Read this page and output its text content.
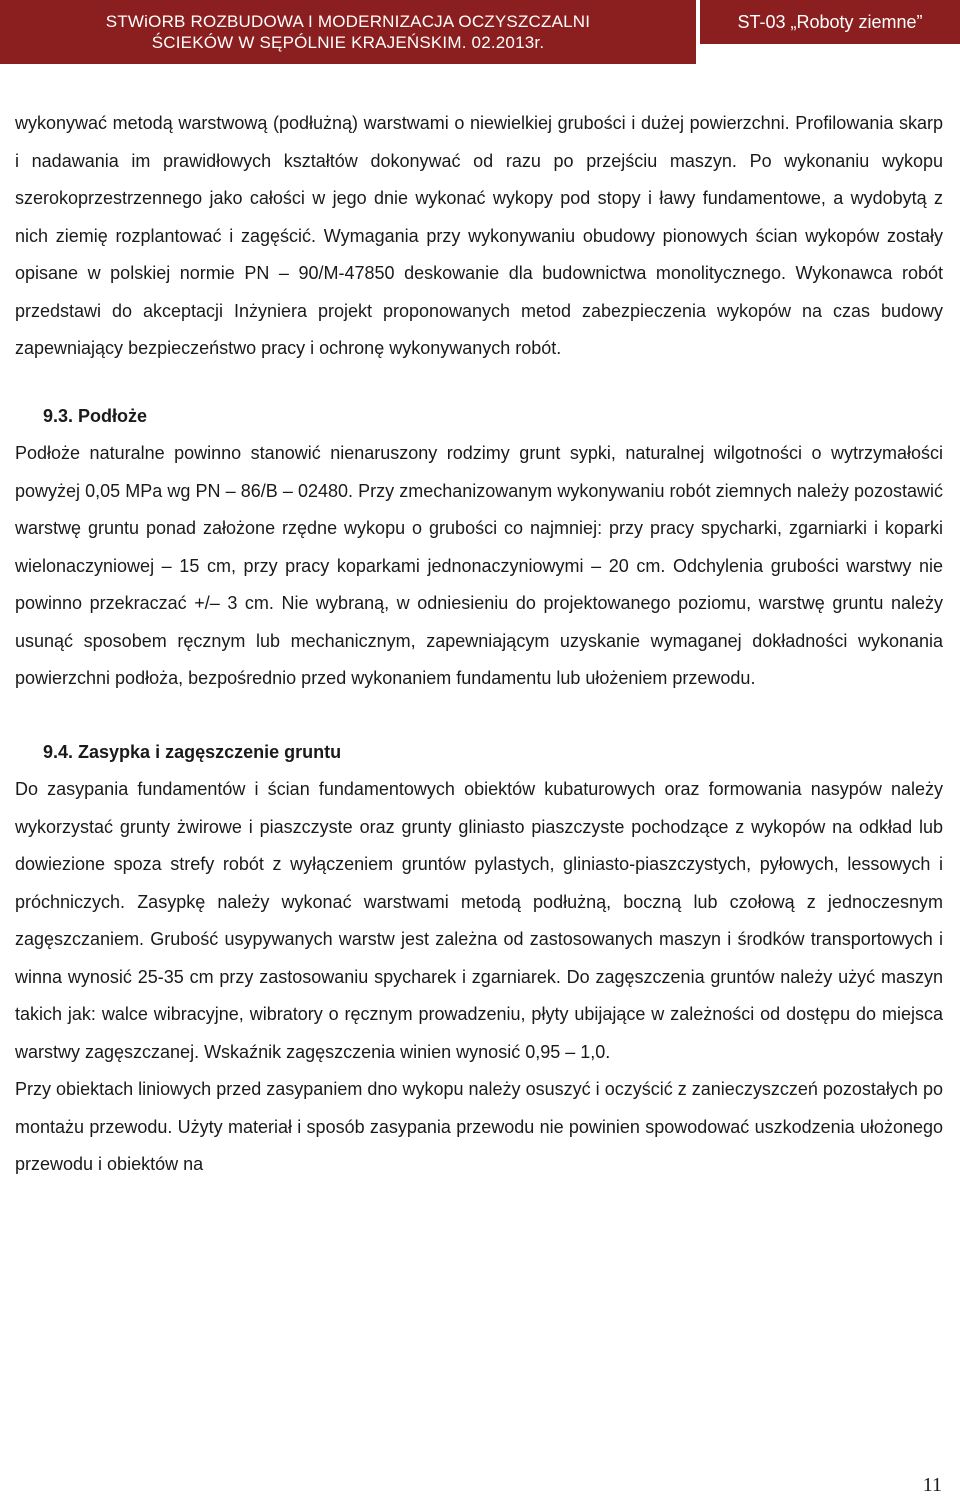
STWiORB ROZBUDOWA I MODERNIZACJA OCZYSZCZALNI
ŚCIEKÓW W SĘPÓLNIE KRAJEŃSKIM. 02.2013r.
ST-03 „Roboty ziemne”

wykonywać metodą warstwową (podłużną) warstwami o niewielkiej grubości i dużej powierzchni. Profilowania skarp i nadawania im prawidłowych kształtów dokonywać od razu po przejściu maszyn. Po wykonaniu wykopu szerokoprzestrzennego jako całości w jego dnie wykonać wykopy pod stopy i ławy fundamentowe, a wydobytą z nich ziemię rozplantować i zagęścić. Wymagania przy wykonywaniu obudowy pionowych ścian wykopów zostały opisane w polskiej normie PN – 90/M-47850 deskowanie dla budownictwa monolitycznego. Wykonawca robót przedstawi do akceptacji Inżyniera projekt proponowanych metod zabezpieczenia wykopów na czas budowy zapewniający bezpieczeństwo pracy i ochronę wykonywanych robót.

9.3. Podłoże

Podłoże naturalne powinno stanowić nienaruszony rodzimy grunt sypki, naturalnej wilgotności o wytrzymałości powyżej 0,05 MPa wg PN – 86/B – 02480. Przy zmechanizowanym wykonywaniu robót ziemnych należy pozostawić warstwę gruntu ponad założone rzędne wykopu o grubości co najmniej: przy pracy spycharki, zgarniarki i koparki wielonaczyniowej – 15 cm, przy pracy koparkami jednonaczyniowymi – 20 cm. Odchylenia grubości warstwy nie powinno przekraczać +/– 3 cm. Nie wybraną, w odniesieniu do projektowanego poziomu, warstwę gruntu należy usunąć sposobem ręcznym lub mechanicznym, zapewniającym uzyskanie wymaganej dokładności wykonania powierzchni podłoża, bezpośrednio przed wykonaniem fundamentu lub ułożeniem przewodu.

9.4. Zasypka i zagęszczenie gruntu

Do zasypania fundamentów i ścian fundamentowych obiektów kubaturowych oraz formowania nasypów należy wykorzystać grunty żwirowe i piaszczyste oraz grunty gliniasto piaszczyste pochodzące z wykopów na odkład lub dowiezione spoza strefy robót z wyłączeniem gruntów pylastych, gliniasto-piaszczystych, pyłowych, lessowych i próchniczych. Zasypkę należy wykonać warstwami metodą podłużną, boczną lub czołową z jednoczesnym zagęszczaniem. Grubość usypywanych warstw jest zależna od zastosowanych maszyn i środków transportowych i winna wynosić 25-35 cm przy zastosowaniu spycharek i zgarniarek. Do zagęszczenia gruntów należy użyć maszyn takich jak: walce wibracyjne, wibratory o ręcznym prowadzeniu, płyty ubijające w zależności od dostępu do miejsca warstwy zagęszczanej. Wskaźnik zagęszczenia winien wynosić 0,95 – 1,0.

Przy obiektach liniowych przed zasypaniem dno wykopu należy osuszyć i oczyścić z zanieczyszczeń pozostałych po montażu przewodu. Użyty materiał i sposób zasypania przewodu nie powinien spowodować uszkodzenia ułożonego przewodu i obiektów na

11
